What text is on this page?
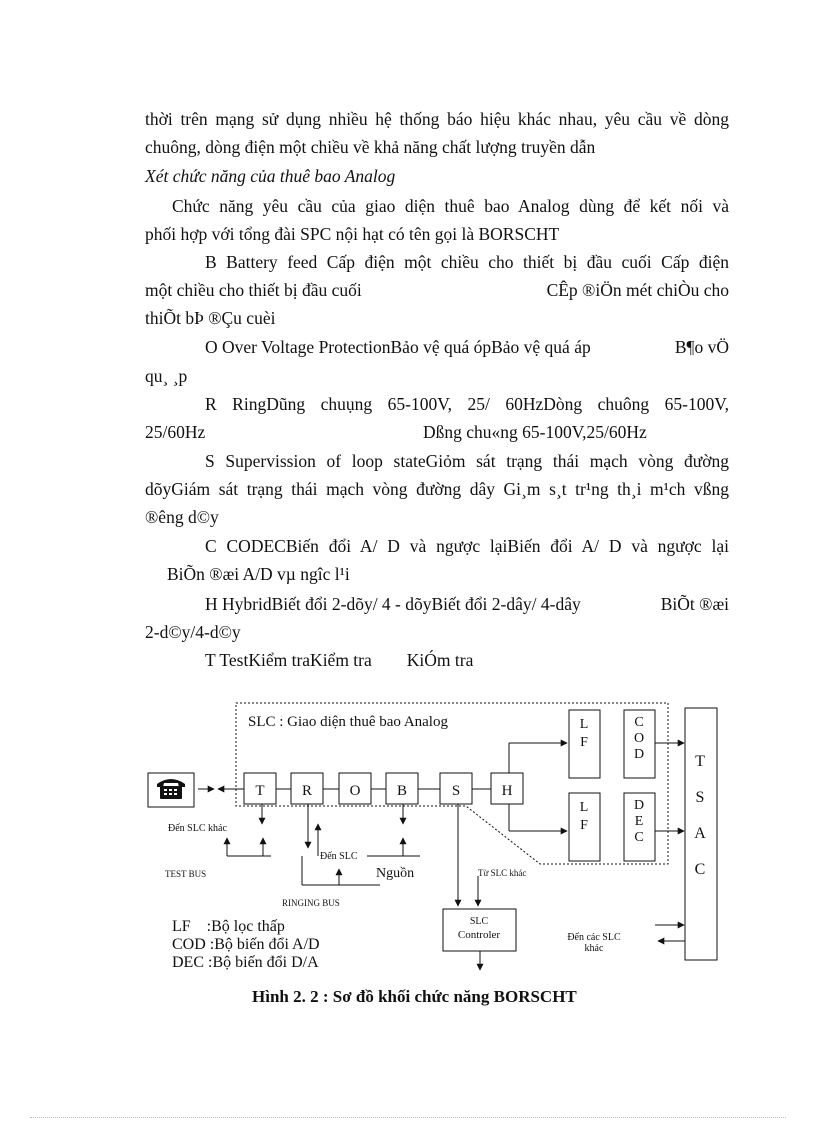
thời trên mạng sử dụng nhiều hệ thống báo hiệu khác nhau, yêu cầu về dòng
chuông, dòng điện một chiều về khả năng chất lượng truyền dẫn
Xét chức năng của thuê bao Analog
Chức năng yêu cầu của giao diện thuê bao Analog dùng để kết nối và
phối hợp với tổng đài SPC nội hạt có tên gọi là BORSCHT
B Battery feed Cấp điện một chiều cho thiết bị đầu cuối Cấp điện
một chiều cho thiết bị đầu cuối	CÊp ®iÖn mét chiÒu cho
thiÕt bÞ ®Çu cuèi
O Over Voltage ProtectionBảo vệ quá ópBảo vệ quá áp	B¶o vÖ
qu¸ ¸p
R RingDũng chuụng 65-100V, 25/ 60HzDòng chuông 65-100V,
25/60Hz	Dßng chu«ng 65-100V,25/60Hz
S Supervission of loop stateGiỏm sát trạng thái mạch vòng đường
dõyGiám sát trạng thái mạch vòng đường dây Gi¸m s¸t tr¹ng th¸i m¹ch vßng
®êng d©y
C CODECBiến đổi A/ D và ngược lạiBiến đổi A/ D và ngược lại
BiÕn ®æi A/D vµ ngîc l¹i
H HybridBiết đổi 2-dõy/ 4 - dõyBiết đổi 2-dây/ 4-dây	BiÕt ®æi
2-d©y/4-d©y
T TestKiểm traKiểm tra        KiÓm tra
SLC : Giao diện thuê bao Analog
T R	O B	S	H
L
F
L
F
C
O
D
D
E
C
T
S
A
C
Đến SLC khác
TEST BUS
Đến SLC
Nguồn
RINGING BUS
Từ SLC khác
SLC
Controler	Đến các SLC
khác
LF    :Bộ lọc thấp
COD :Bộ biến đổi A/D
DEC :Bộ biến đổi D/A
Hình 2. 2 : Sơ đồ khối chức năng BORSCHT
